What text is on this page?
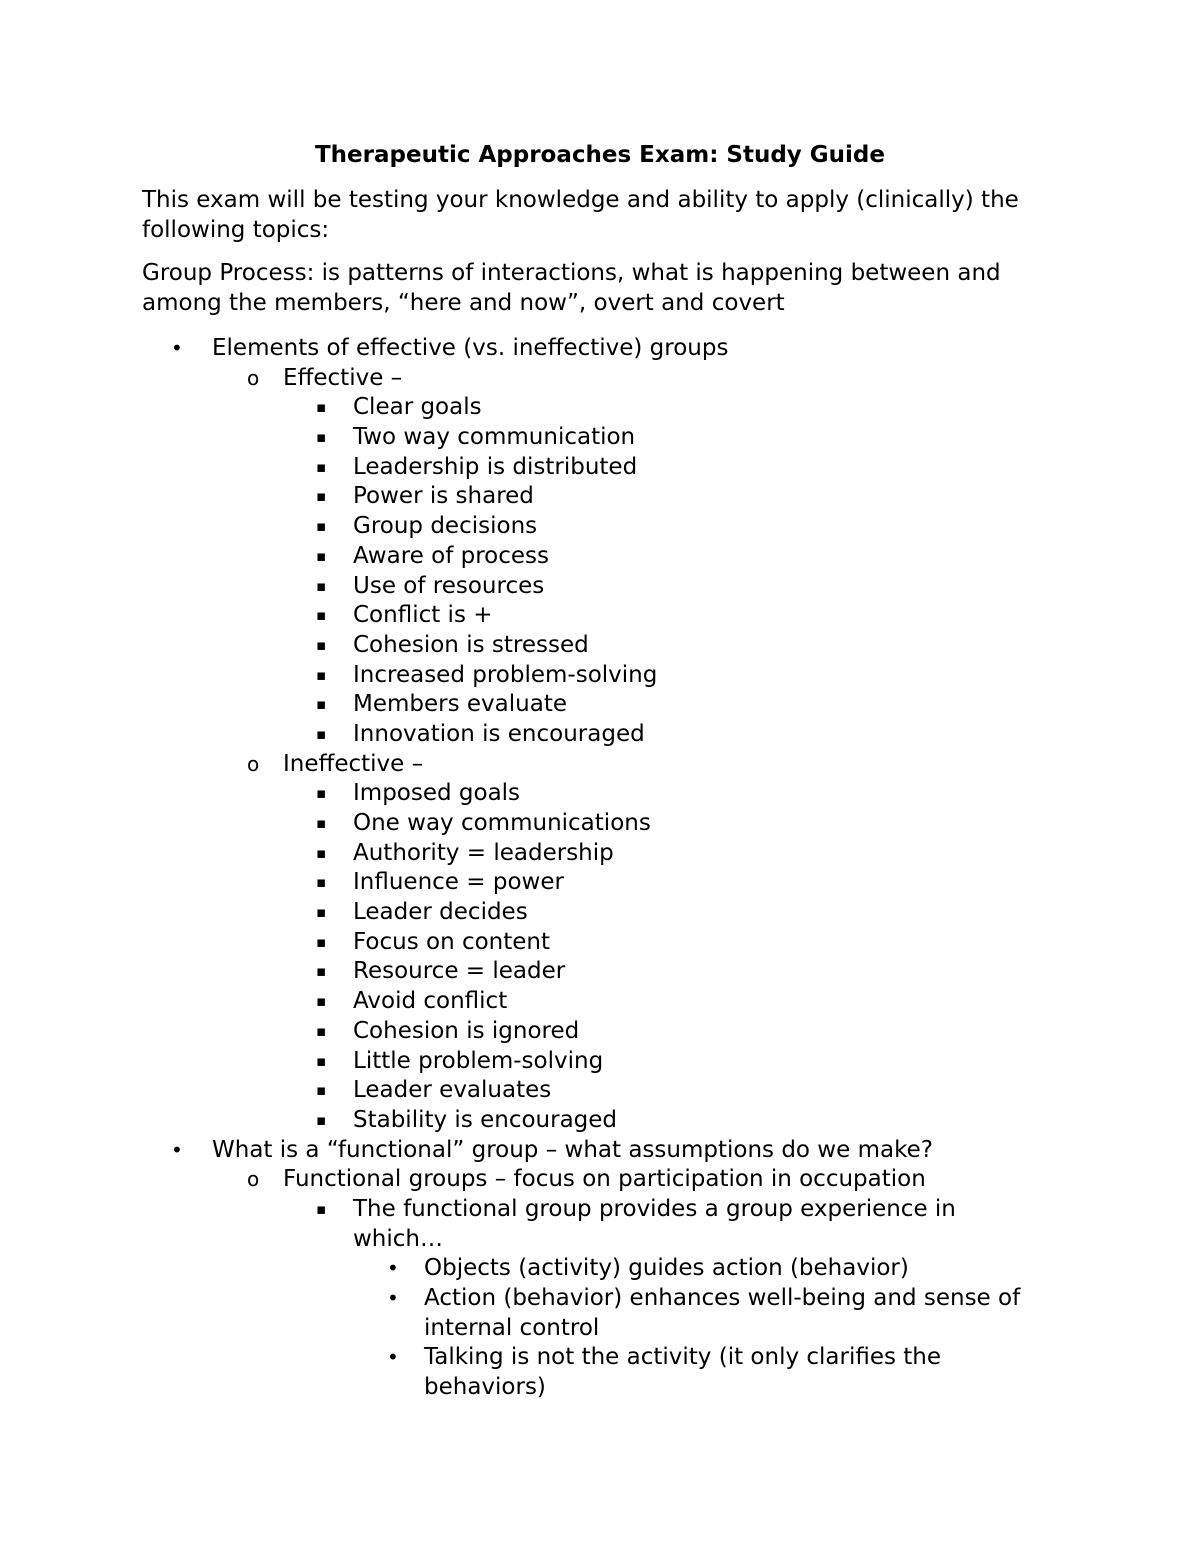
Therapeutic Approaches Exam: Study Guide
This exam will be testing your knowledge and ability to apply (clinically) the following topics:
Group Process: is patterns of interactions, what is happening between and among the members, “here and now”, overt and covert
• Elements of effective (vs. ineffective) groups
o Effective –
▪ Clear goals
▪ Two way communication
▪ Leadership is distributed
▪ Power is shared
▪ Group decisions
▪ Aware of process
▪ Use of resources
▪ Conflict is +
▪ Cohesion is stressed
▪ Increased problem-solving
▪ Members evaluate
▪ Innovation is encouraged
o Ineffective –
▪ Imposed goals
▪ One way communications
▪ Authority = leadership
▪ Influence = power
▪ Leader decides
▪ Focus on content
▪ Resource = leader
▪ Avoid conflict
▪ Cohesion is ignored
▪ Little problem-solving
▪ Leader evaluates
▪ Stability is encouraged
• What is a “functional” group – what assumptions do we make?
o Functional groups – focus on participation in occupation
▪ The functional group provides a group experience in which…
• Objects (activity) guides action (behavior)
• Action (behavior) enhances well-being and sense of internal control
• Talking is not the activity (it only clarifies the behaviors)
